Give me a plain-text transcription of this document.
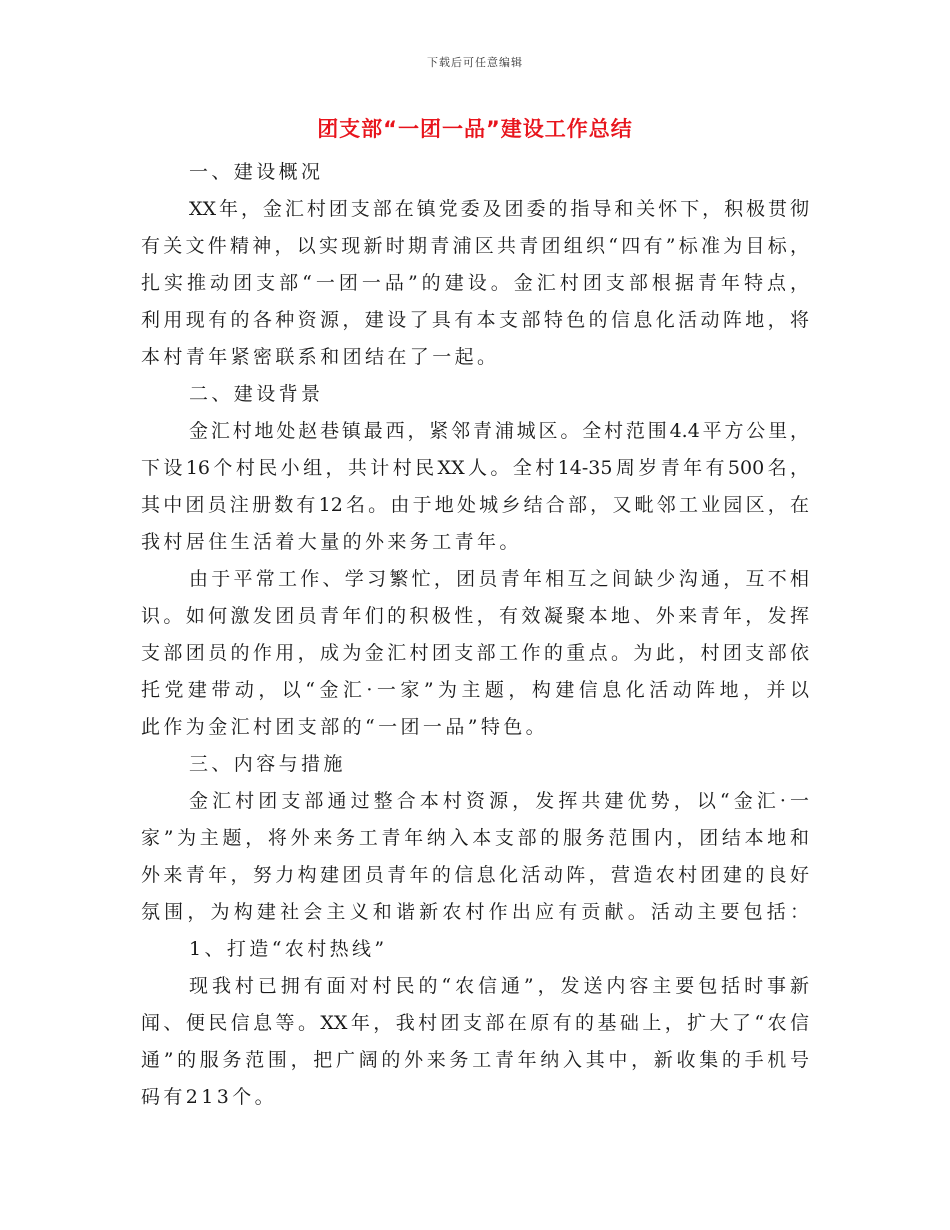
下载后可任意编辑
团支部“一团一品”建设工作总结
一、建设概况
XX年，金汇村团支部在镇党委及团委的指导和关怀下，积极贯彻
有关文件精神，以实现新时期青浦区共青团组织“四有”标准为目标，
扎实推动团支部“一团一品”的建设。金汇村团支部根据青年特点，
利用现有的各种资源，建设了具有本支部特色的信息化活动阵地，将
本村青年紧密联系和团结在了一起。
二、建设背景
金汇村地处赵巷镇最西，紧邻青浦城区。全村范围4.4平方公里，
下设16个村民小组，共计村民XX人。全村14-35周岁青年有500名，
其中团员注册数有12名。由于地处城乡结合部，又毗邻工业园区，在
我村居住生活着大量的外来务工青年。
由于平常工作、学习繁忙，团员青年相互之间缺少沟通，互不相
识。如何激发团员青年们的积极性，有效凝聚本地、外来青年，发挥
支部团员的作用，成为金汇村团支部工作的重点。为此，村团支部依
托党建带动，以“金汇·一家”为主题，构建信息化活动阵地，并以
此作为金汇村团支部的“一团一品”特色。
三、内容与措施
金汇村团支部通过整合本村资源，发挥共建优势，以“金汇·一
家”为主题，将外来务工青年纳入本支部的服务范围内，团结本地和
外来青年，努力构建团员青年的信息化活动阵，营造农村团建的良好
氛围，为构建社会主义和谐新农村作出应有贡献。活动主要包括：
1、打造“农村热线”
现我村已拥有面对村民的“农信通”，发送内容主要包括时事新
闻、便民信息等。XX年，我村团支部在原有的基础上，扩大了“农信
通”的服务范围，把广阔的外来务工青年纳入其中，新收集的手机号
码有213个。
